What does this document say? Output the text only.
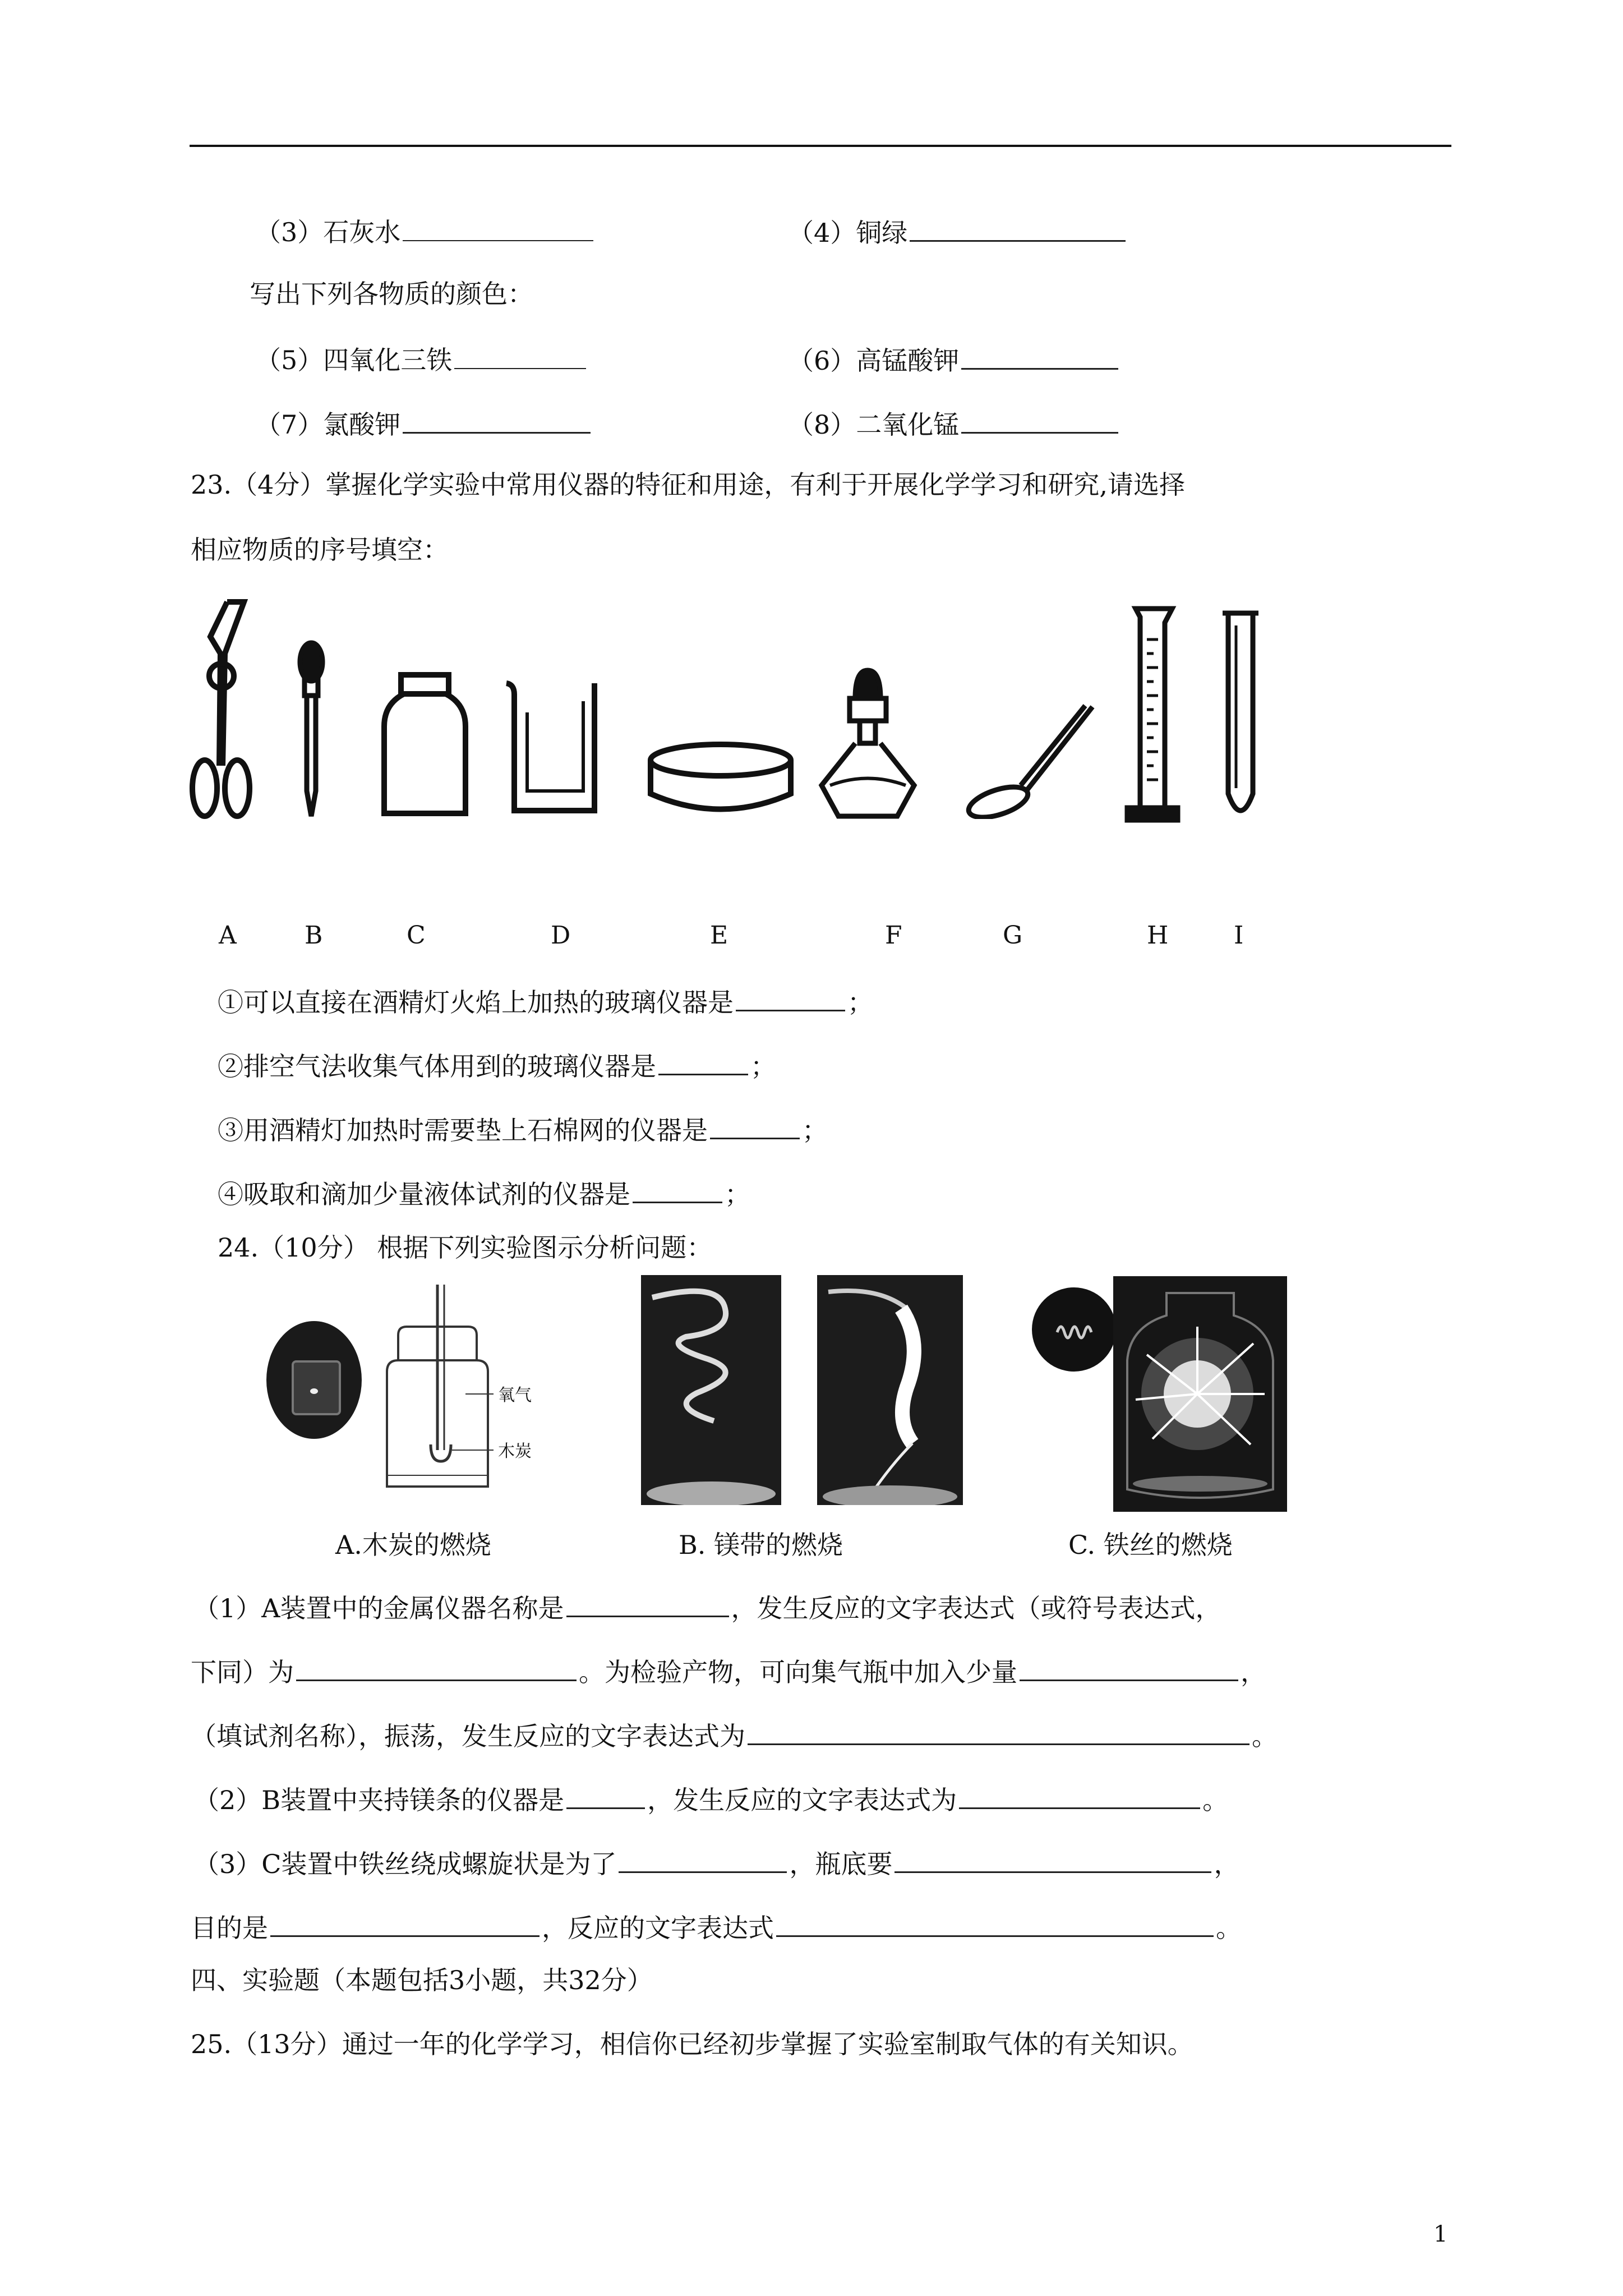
（3）石灰水	（4）铜绿
写出下列各物质的颜色：
（5）四氧化三铁	（6）高锰酸钾
（7）氯酸钾	（8）二氧化锰
23.（4分）掌握化学实验中常用仪器的特征和用途，有利于开展化学学习和研究,请选择
相应物质的序号填空：
A	B	C	D	E	F	G	H	I
①可以直接在酒精灯火焰上加热的玻璃仪器是	；
②排空气法收集气体用到的玻璃仪器是	；
③用酒精灯加热时需要垫上石棉网的仪器是	；
④吸取和滴加少量液体试剂的仪器是	；
24.（10分） 根据下列实验图示分析问题：
氧气
木炭
A.木炭的燃烧	B. 镁带的燃烧	C. 铁丝的燃烧
（1）A装置中的金属仪器名称是	，发生反应的文字表达式（或符号表达式，
下同）为	。为检验产物，可向集气瓶中加入少量	，
（填试剂名称），振荡，发生反应的文字表达式为	。
（2）B装置中夹持镁条的仪器是	，发生反应的文字表达式为	。
（3）C装置中铁丝绕成螺旋状是为了	，瓶底要	，
目的是	，反应的文字表达式	。
四、实验题（本题包括3小题，共32分）
25.（13分）通过一年的化学学习，相信你已经初步掌握了实验室制取气体的有关知识。
1
